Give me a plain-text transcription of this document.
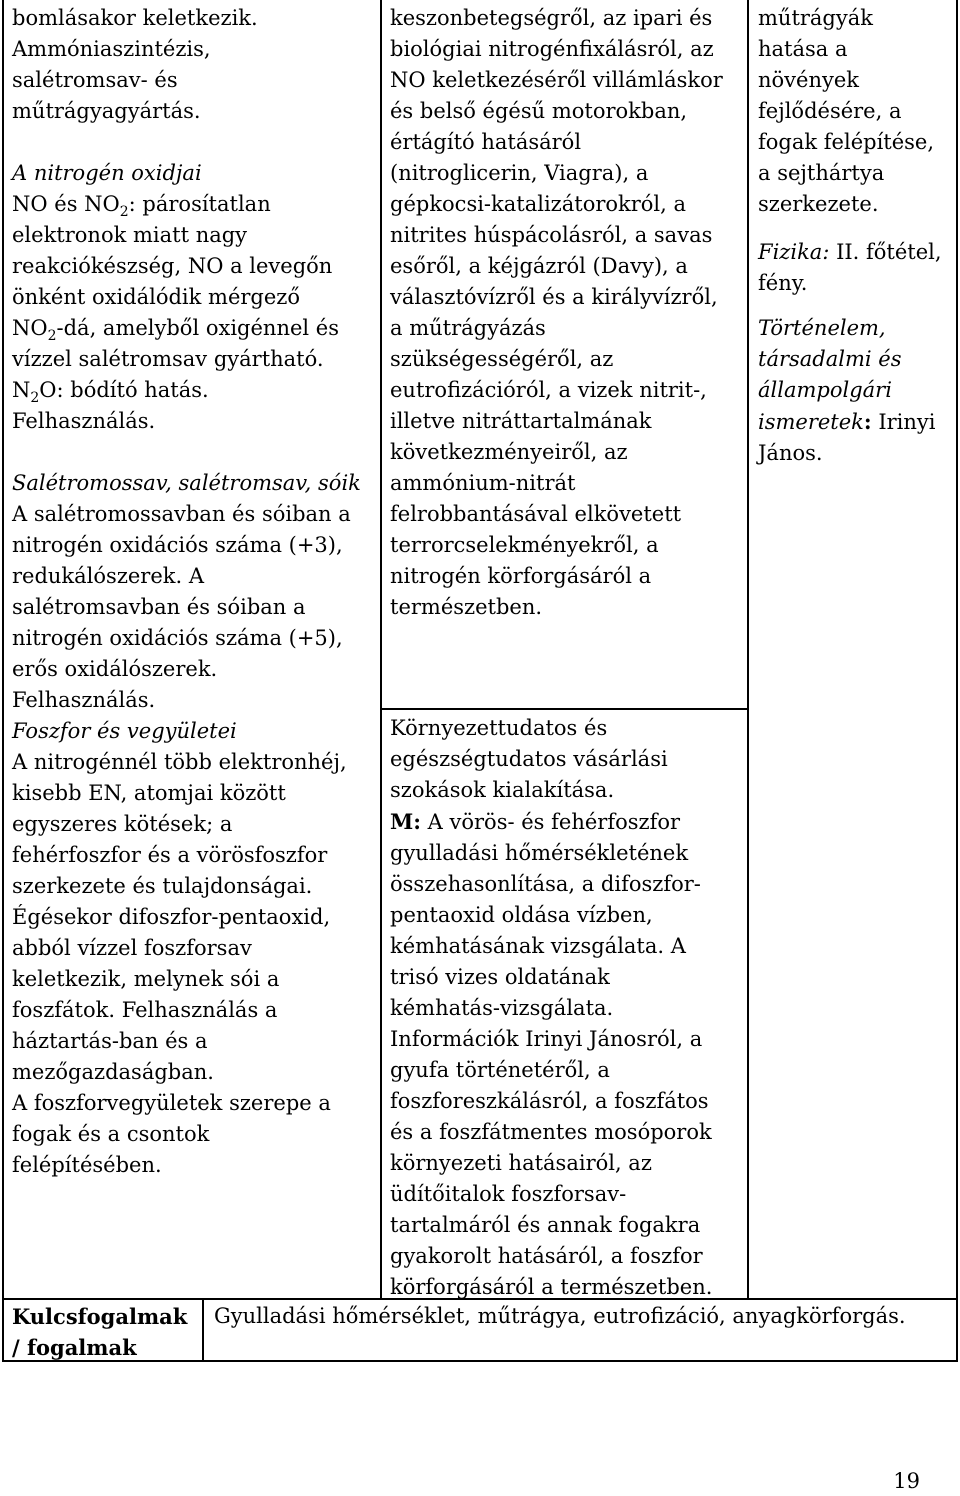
bomlásakor keletkezik.
Ammóniaszintézis,
salétromsav- és
műtrágyagyártás.
A nitrogén oxidjai
NO és $NO_2$: párosítatlan
elektronok miatt nagy
reakciókészség, NO a levegőn
önként oxidálódik mérgező
$NO_2-dá$, amelyből oxigénnel és
vízzel salétromsav gyártható.
$N_2O$: bódító hatás.
Felhasználás.
Salétromossav, salétromsav, sóik
A salétromossavban és sóiban a
nitrogén oxidációs száma (+3),
redukálószerek. A
salétromsavban és sóiban a
nitrogén oxidációs száma (+5),
erős oxidálószerek.
Felhasználás.
Foszfor és vegyületei
A nitrogénnél több elektronhéj,
kisebb EN, atomjai között
egyszeres kötések; a
fehérfoszfor és a vörösfoszfor
szerkezete és tulajdonságai.
Égésekor difoszfor-pentaoxid,
abból vízzel foszforsav
keletkezik, melynek sói a
foszfátok. Felhasználás a
háztartás-ban és a
mezőgazdaságban.
A foszforvegyületek szerepe a
fogak és a csontok
felépítésében.
keszonbetegségről, az ipari és
biológiai nitrogénfixálásról, az
NO keletkezéséről villámláskor
és belső égésű motorokban,
értágító hatásáról
(nitroglicerin, Viagra), a
gépkocsi-katalizátorokról, a
nitrites húspácolásról, a savas
esőről, a kéjgázról (Davy), a
választóvízről és a királyvízről,
a műtrágyázás
szükségességéről, az
eutrofizációról, a vizek nitrit-,
illetve nitráttartalmának
következményeiről, az
ammónium-nitrát
felrobbantásával elkövetett
terrorcselekményekről, a
nitrogén körforgásáról a
természetben.
Környezettudatos és
egészségtudatos vásárlási
szokások kialakítása.
M: A vörös- és fehérfoszfor
gyulladási hőmérsékletének
összehasonlítása, a difoszfor-
pentaoxid oldása vízben,
kémhatásának vizsgálata. A
trisó vizes oldatának
kémhatás-vizsgálata.
Információk Irinyi Jánosról, a
gyufa történetéről, a
foszforeszkálásról, a foszfátos
és a foszfátmentes mosóporok
környezeti hatásairól, az
üdítőitalok foszforsav-
tartalmáról és annak fogakra
gyakorolt hatásáról, a foszfor
körforgásáról a természetben.
műtrágyák
hatása a
növények
fejlődésére, a
fogak felépítése,
a sejthártya
szerkezete.
Fizika: II. főtétel,
fény.
Történelem,
társadalmi és
állampolgári
ismeretek: Irinyi
János.
Kulcsfogalmak
/ fogalmak
Gyulladási hőmérséklet, műtrágya, eutrofizáció, anyagkörforgás.
19
